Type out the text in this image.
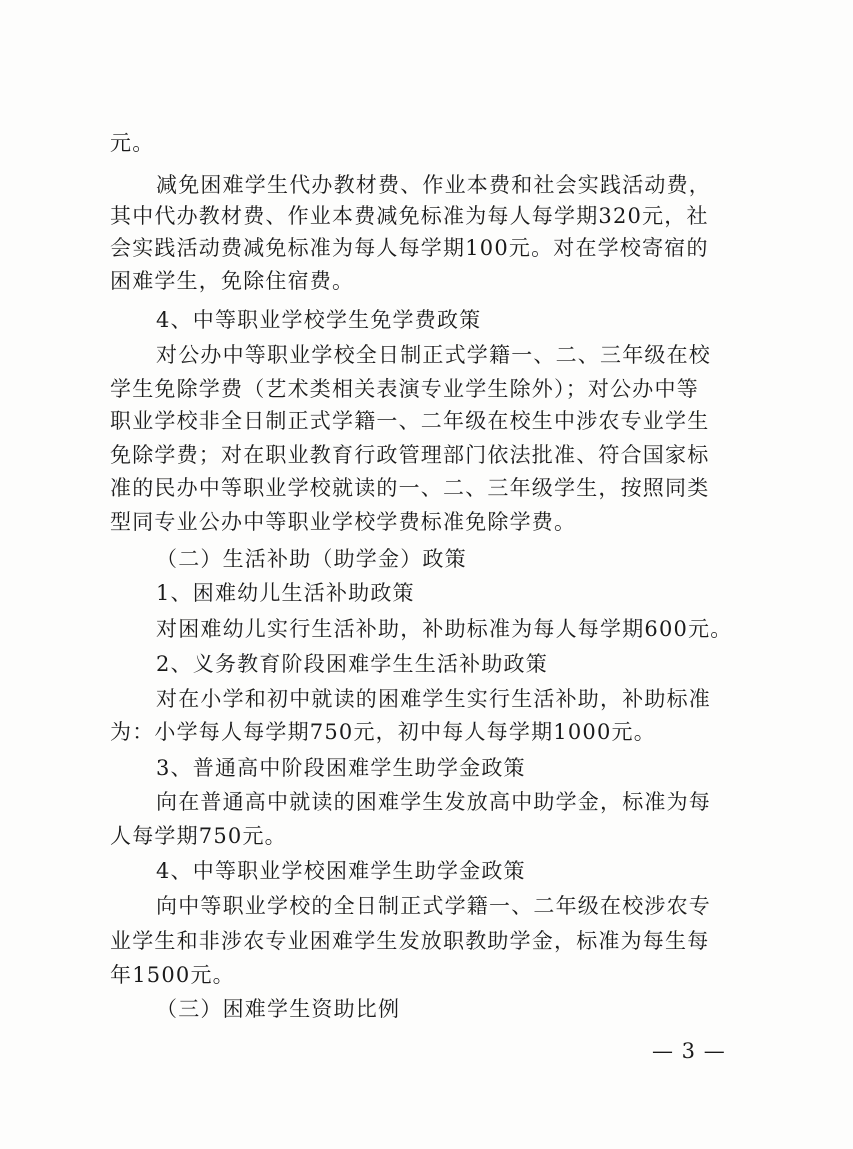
元。
减免困难学生代办教材费、作业本费和社会实践活动费，
其中代办教材费、作业本费减免标准为每人每学期320元，社
会实践活动费减免标准为每人每学期100元。对在学校寄宿的
困难学生，免除住宿费。
4、中等职业学校学生免学费政策
对公办中等职业学校全日制正式学籍一、二、三年级在校
学生免除学费（艺术类相关表演专业学生除外）；对公办中等
职业学校非全日制正式学籍一、二年级在校生中涉农专业学生
免除学费；对在职业教育行政管理部门依法批准、符合国家标
准的民办中等职业学校就读的一、二、三年级学生，按照同类
型同专业公办中等职业学校学费标准免除学费。
（二）生活补助（助学金）政策
1、困难幼儿生活补助政策
对困难幼儿实行生活补助，补助标准为每人每学期600元。
2、义务教育阶段困难学生生活补助政策
对在小学和初中就读的困难学生实行生活补助，补助标准
为：小学每人每学期750元，初中每人每学期1000元。
3、普通高中阶段困难学生助学金政策
向在普通高中就读的困难学生发放高中助学金，标准为每
人每学期750元。
4、中等职业学校困难学生助学金政策
向中等职业学校的全日制正式学籍一、二年级在校涉农专
业学生和非涉农专业困难学生发放职教助学金，标准为每生每
年1500元。
（三）困难学生资助比例
— 3 —
